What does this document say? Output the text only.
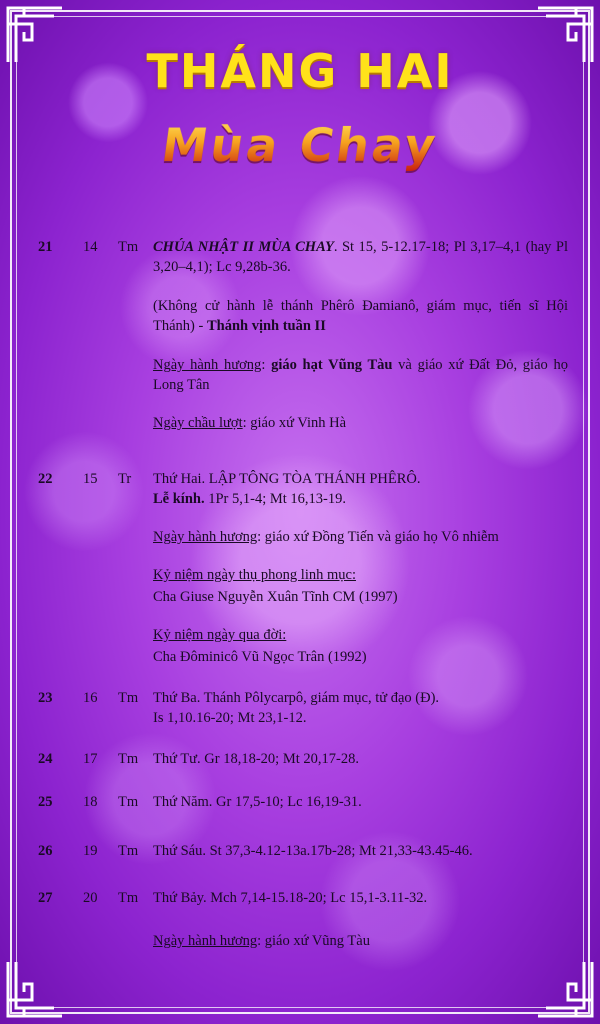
THÁNG HAI
Mùa Chay
21 14 Tm CHÚA NHẬT II MÙA CHAY. St 15, 5-12.17-18; Pl 3,17–4,1 (hay Pl 3,20–4,1); Lc 9,28b-36.

(Không cử hành lễ thánh Phêrô Đamianô, giám mục, tiến sĩ Hội Thánh) - Thánh vịnh tuần II

Ngày hành hương: giáo hạt Vũng Tàu và giáo xứ Đất Đỏ, giáo họ Long Tân

Ngày chầu lượt: giáo xứ Vinh Hà

22 15 Tr Thứ Hai. LẬP TÔNG TÒA THÁNH PHÊRÔ.

Lễ kính. 1Pr 5,1-4; Mt 16,13-19.

Ngày hành hương: giáo xứ Đồng Tiến và giáo họ Vô nhiễm

Kỷ niệm ngày thụ phong linh mục:

Cha Giuse Nguyễn Xuân Tĩnh CM (1997)

Kỷ niệm ngày qua đời:

Cha Đôminicô Vũ Ngọc Trân (1992)

23 16 Tm Thứ Ba. Thánh Pôlycarpô, giám mục, tử đạo (Đ).

Is 1,10.16-20; Mt 23,1-12.

24 17 Tm Thứ Tư. Gr 18,18-20; Mt 20,17-28.

25 18 Tm Thứ Năm. Gr 17,5-10; Lc 16,19-31.

26 19 Tm Thứ Sáu. St 37,3-4.12-13a.17b-28; Mt 21,33-43.45-46.

27 20 Tm Thứ Bảy. Mch 7,14-15.18-20; Lc 15,1-3.11-32.

Ngày hành hương: giáo xứ Vũng Tàu
